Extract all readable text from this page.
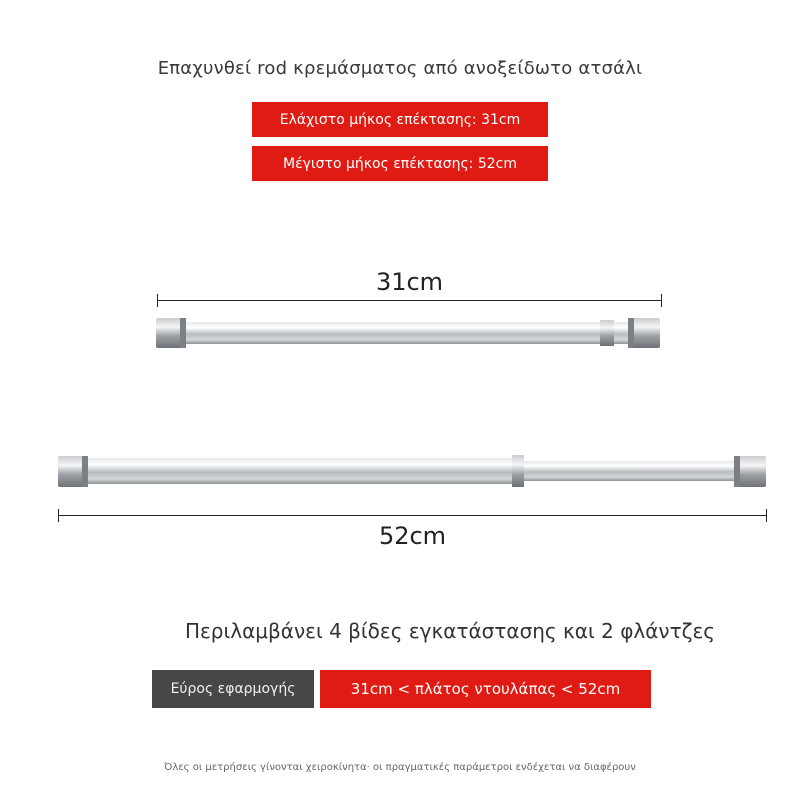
Επαχυνθεί rod κρεμάσματος από ανοξείδωτο ατσάλι
Ελάχιστο μήκος επέκτασης: 31cm
Μέγιστο μήκος επέκτασης: 52cm
31cm
52cm
Περιλαμβάνει 4 βίδες εγκατάστασης και 2 φλάντζες
Εύρος εφαρμογής	31cm < πλάτος ντουλάπας < 52cm
Όλες οι μετρήσεις γίνονται χειροκίνητα· οι πραγματικές παράμετροι ενδέχεται να διαφέρουν
